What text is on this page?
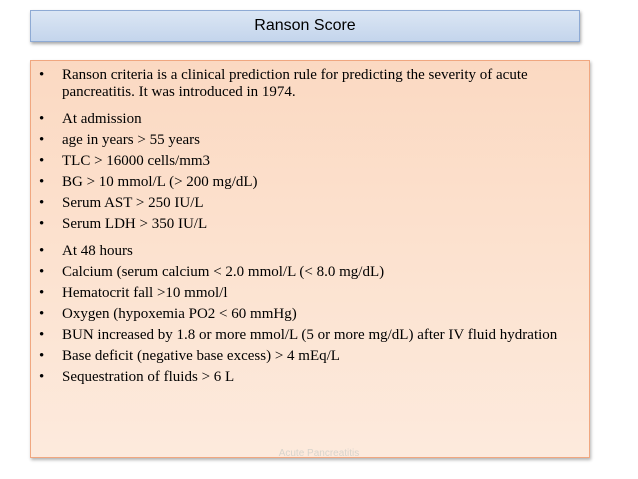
Ranson Score
• Ranson criteria is a clinical prediction rule for predicting the severity of acute pancreatitis. It was introduced in 1974.
• At admission
• age in years > 55 years
• TLC > 16000 cells/mm3
• BG > 10 mmol/L (> 200 mg/dL)
• Serum AST > 250 IU/L
• Serum LDH > 350 IU/L
• At 48 hours
• Calcium (serum calcium < 2.0 mmol/L (< 8.0 mg/dL)
• Hematocrit fall >10 mmol/l
• Oxygen (hypoxemia PO2 < 60 mmHg)
• BUN increased by 1.8 or more mmol/L (5 or more mg/dL) after IV fluid hydration
• Base deficit (negative base excess) > 4 mEq/L
• Sequestration of fluids > 6 L
Acute Pancreatitis
